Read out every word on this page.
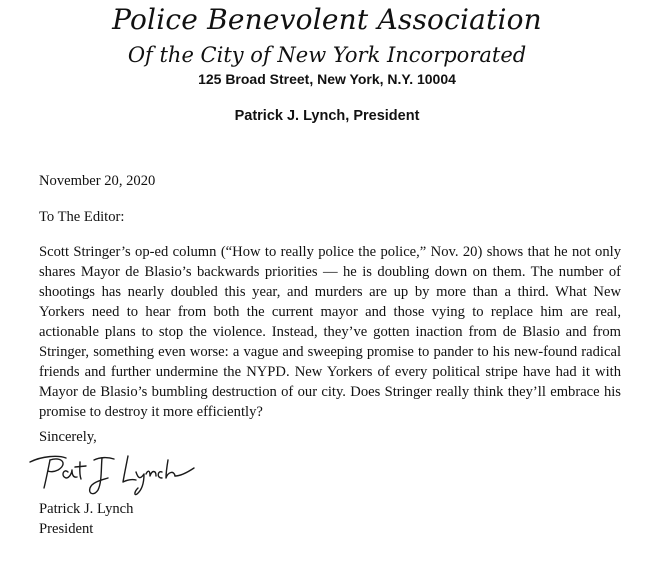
Police Benevolent Association
Of the City of New York Incorporated
125 Broad Street, New York, N.Y. 10004
Patrick J. Lynch, President
November 20, 2020
To The Editor:
Scott Stringer’s op-ed column (“How to really police the police,” Nov. 20) shows that he not only shares Mayor de Blasio’s backwards priorities — he is doubling down on them. The number of shootings has nearly doubled this year, and murders are up by more than a third. What New Yorkers need to hear from both the current mayor and those vying to replace him are real, actionable plans to stop the violence. Instead, they’ve gotten inaction from de Blasio and from Stringer, something even worse: a vague and sweeping promise to pander to his new-found radical friends and further undermine the NYPD. New Yorkers of every political stripe have had it with Mayor de Blasio’s bumbling destruction of our city. Does Stringer really think they’ll embrace his promise to destroy it more efficiently?
Sincerely,
Patrick J. Lynch
President
